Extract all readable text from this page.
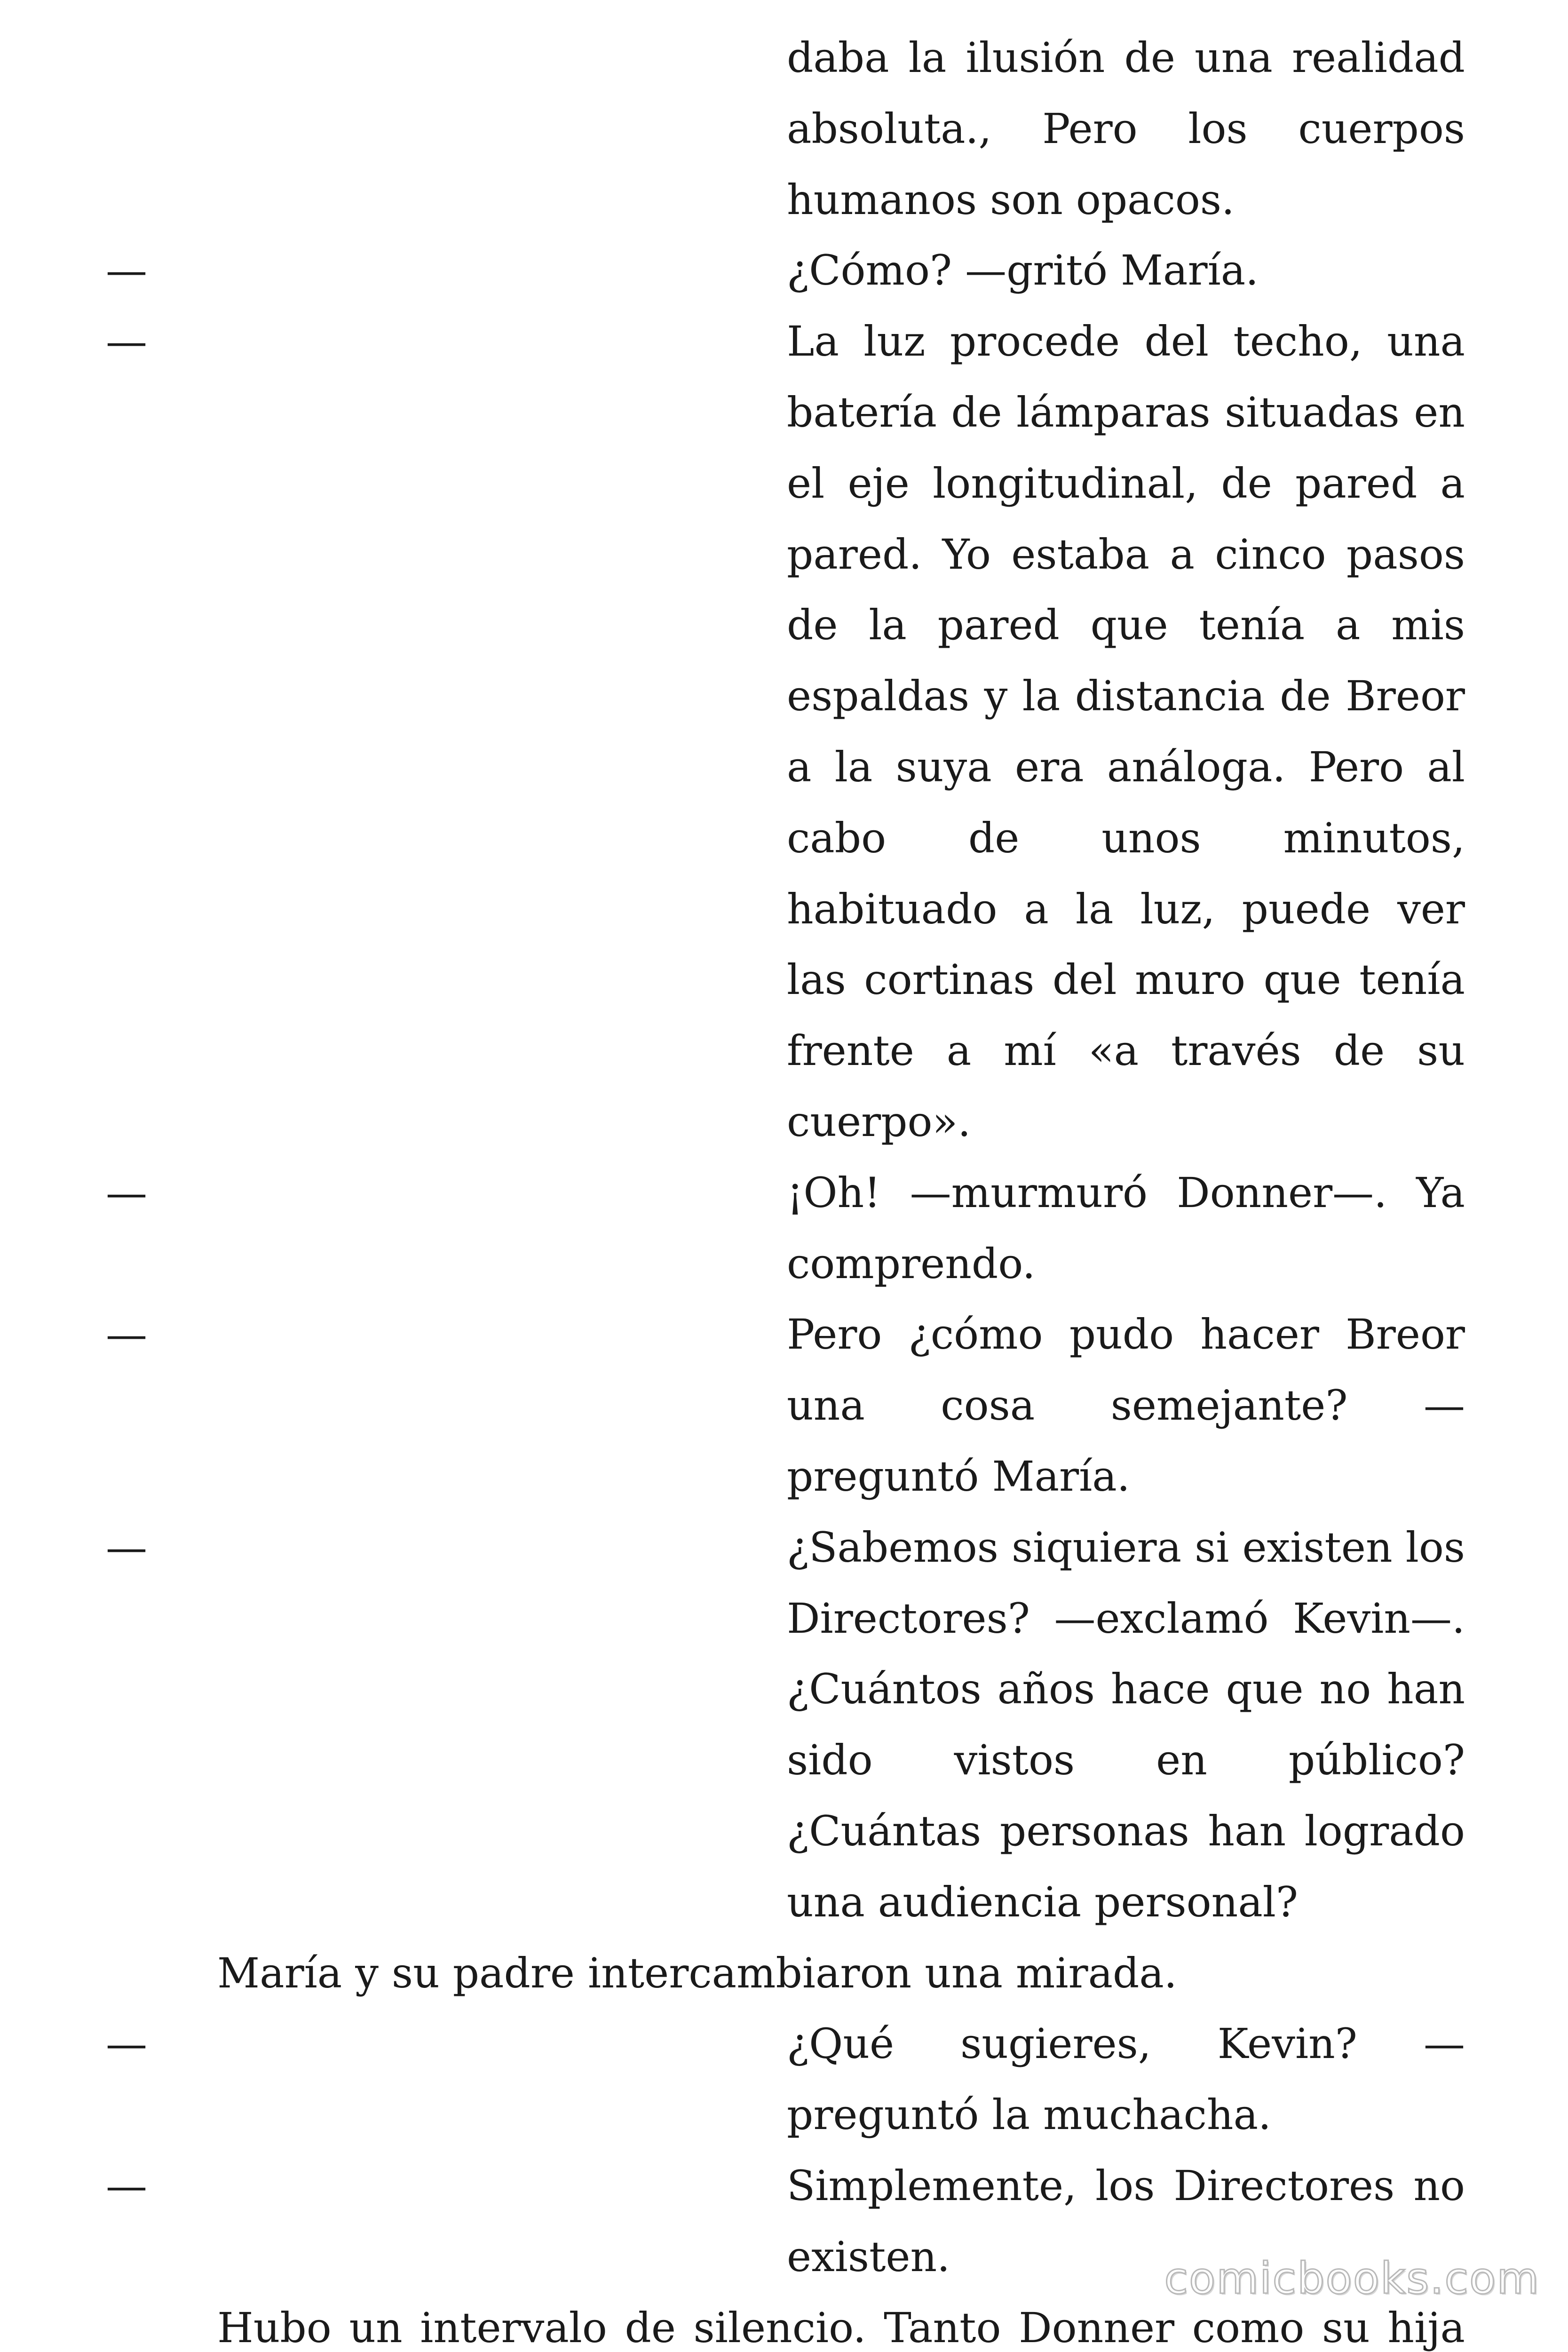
daba la ilusión de una realidad absoluta., Pero los cuerpos humanos son opacos.
—	¿Cómo? —gritó María.
—	La luz procede del techo, una batería de lámparas situadas en el eje longitudinal, de pared a pared. Yo estaba a cinco pasos de la pared que tenía a mis espaldas y la distancia de Breor a la suya era análoga. Pero al cabo de unos minutos, habituado a la luz, puede ver las cortinas del muro que tenía frente a mí «a través de su cuerpo».
—	¡Oh! —murmuró Donner—. Ya comprendo.
—	Pero ¿cómo pudo hacer Breor una cosa semejante? —preguntó María.
—	¿Sabemos siquiera si existen los Directores? —exclamó Kevin—. ¿Cuántos años hace que no han sido vistos en público? ¿Cuántas personas han logrado una audiencia personal?
María y su padre intercambiaron una mirada.
—	¿Qué sugieres, Kevin? —preguntó la muchacha.
—	Simplemente, los Directores no existen.
Hubo un intervalo de silencio. Tanto Donner como su hija
comicbooks.com
